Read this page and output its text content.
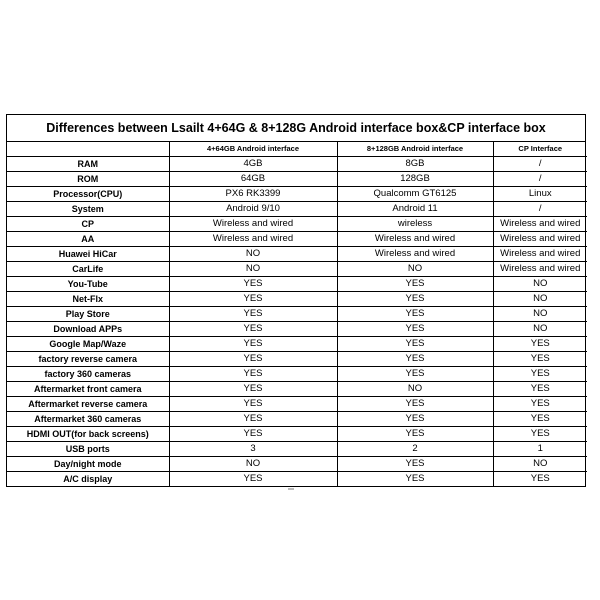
Differences between Lsailt 4+64G & 8+128G Android interface box&CP interface box
	4+64GB Android interface	8+128GB Android interface	CP Interface
RAM	4GB	8GB	/
ROM	64GB	128GB	/
Processor(CPU)	PX6 RK3399	Qualcomm GT6125	Linux
System	Android 9/10	Android 11	/
CP	Wireless and wired	wireless	Wireless and wired
AA	Wireless and wired	Wireless and wired	Wireless and wired
Huawei HiCar	NO	Wireless and wired	Wireless and wired
CarLife	NO	NO	Wireless and wired
You-Tube	YES	YES	NO
Net-Flx	YES	YES	NO
Play Store	YES	YES	NO
Download APPs	YES	YES	NO
Google Map/Waze	YES	YES	YES
factory reverse camera	YES	YES	YES
factory 360 cameras	YES	YES	YES
Aftermarket front camera	YES	NO	YES
Aftermarket reverse camera	YES	YES	YES
Aftermarket 360 cameras	YES	YES	YES
HDMI OUT(for back screens)	YES	YES	YES
USB ports	3	2	1
Day/night mode	NO	YES	NO
A/C display	YES	YES	YES
